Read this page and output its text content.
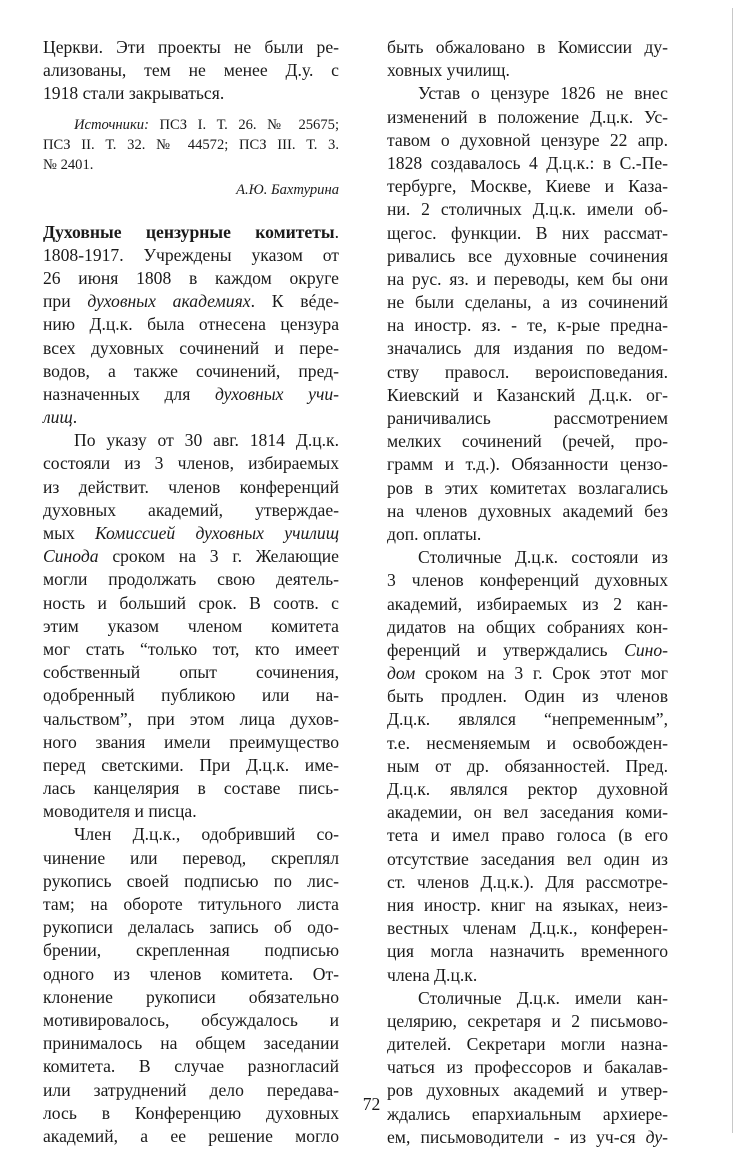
Церкви. Эти проекты не были ре-
ализованы, тем не менее Д.у. с
1918 стали закрываться.
Источники: ПСЗ I. Т. 26. № 25675;
ПСЗ II. Т. 32. № 44572; ПСЗ III. Т. 3.
№ 2401.
А.Ю. Бахтурина
Духовные цензурные комитеты.
1808-1917. Учреждены указом от
26 июня 1808 в каждом округе
при духовных академиях. К вéде-
нию Д.ц.к. была отнесена цензура
всех духовных сочинений и пере-
водов, а также сочинений, пред-
назначенных для духовных учи-
лищ.
По указу от 30 авг. 1814 Д.ц.к.
состояли из 3 членов, избираемых
из действит. членов конференций
духовных академий, утверждае-
мых Комиссией духовных училищ
Синода сроком на 3 г. Желающие
могли продолжать свою деятель-
ность и больший срок. В соотв. с
этим указом членом комитета
мог стать “только тот, кто имеет
собственный опыт сочинения,
одобренный публикою или на-
чальством”, при этом лица духов-
ного звания имели преимущество
перед светскими. При Д.ц.к. име-
лась канцелярия в составе пись-
моводителя и писца.
Член Д.ц.к., одобривший со-
чинение или перевод, скреплял
рукопись своей подписью по лис-
там; на обороте титульного листа
рукописи делалась запись об одо-
брении, скрепленная подписью
одного из членов комитета. От-
клонение рукописи обязательно
мотивировалось, обсуждалось и
принималось на общем заседании
комитета. В случае разногласий
или затруднений дело передава-
лось в Конференцию духовных
академий, а ее решение могло
быть обжаловано в Комиссии ду-
ховных училищ.
Устав о цензуре 1826 не внес
изменений в положение Д.ц.к. Ус-
тавом о духовной цензуре 22 апр.
1828 создавалось 4 Д.ц.к.: в С.-Пе-
тербурге, Москве, Киеве и Каза-
ни. 2 столичных Д.ц.к. имели об-
щегос. функции. В них рассмат-
ривались все духовные сочинения
на рус. яз. и переводы, кем бы они
не были сделаны, а из сочинений
на иностр. яз. - те, к-рые предна-
значались для издания по ведом-
ству правосл. вероисповедания.
Киевский и Казанский Д.ц.к. ог-
раничивались рассмотрением
мелких сочинений (речей, про-
грамм и т.д.). Обязанности цензо-
ров в этих комитетах возлагались
на членов духовных академий без
доп. оплаты.
Столичные Д.ц.к. состояли из
3 членов конференций духовных
академий, избираемых из 2 кан-
дидатов на общих собраниях кон-
ференций и утверждались Сино-
дом сроком на 3 г. Срок этот мог
быть продлен. Один из членов
Д.ц.к. являлся “непременным”,
т.е. несменяемым и освобожден-
ным от др. обязанностей. Пред.
Д.ц.к. являлся ректор духовной
академии, он вел заседания коми-
тета и имел право голоса (в его
отсутствие заседания вел один из
ст. членов Д.ц.к.). Для рассмотре-
ния иностр. книг на языках, неиз-
вестных членам Д.ц.к., конферен-
ция могла назначить временного
члена Д.ц.к.
Столичные Д.ц.к. имели кан-
целярию, секретаря и 2 письмово-
дителей. Секретари могли назна-
чаться из профессоров и бакалав-
ров духовных академий и утвер-
ждались епархиальным архиере-
ем, письмоводители - из уч-ся ду-
72
